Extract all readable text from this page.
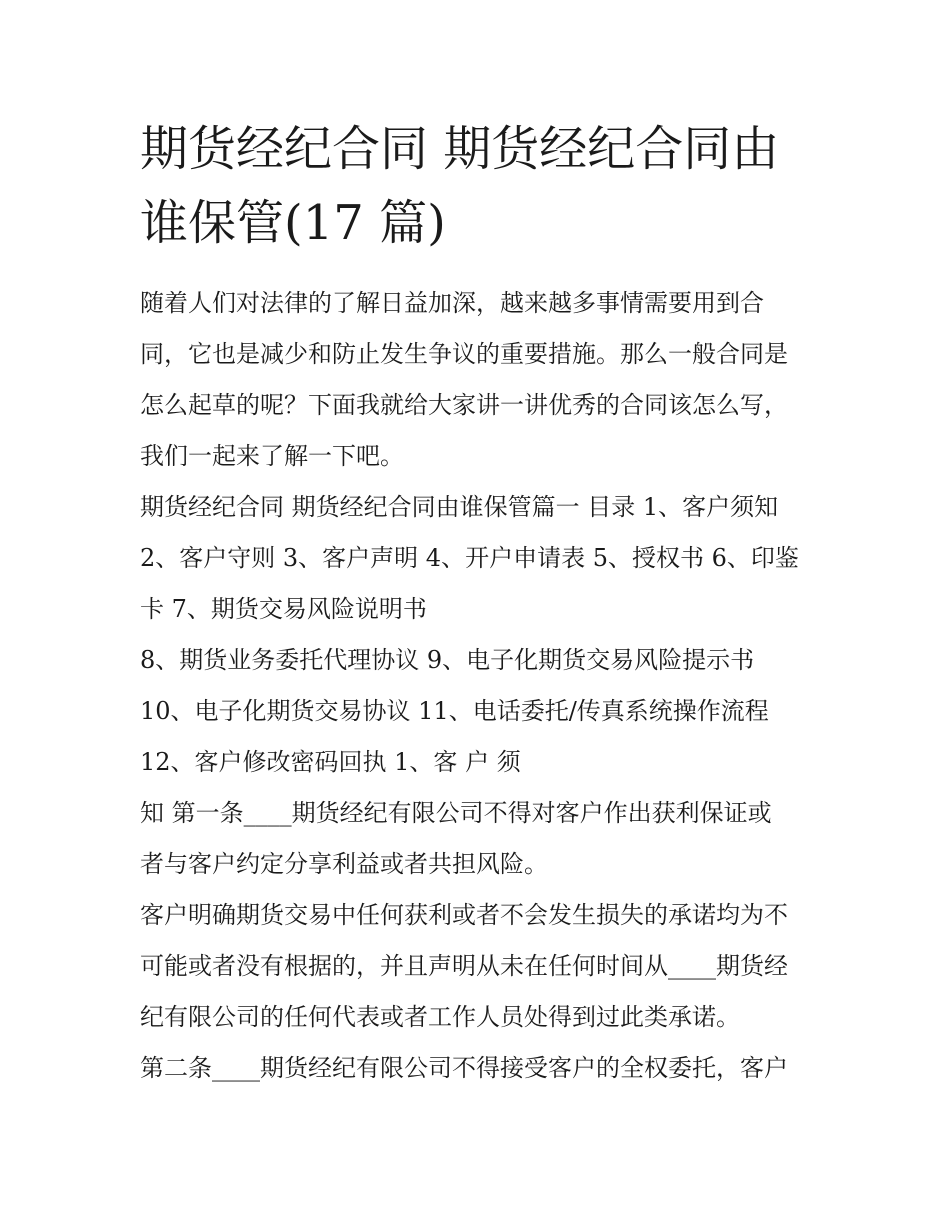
期货经纪合同 期货经纪合同由
谁保管(17 篇)
随着人们对法律的了解日益加深，越来越多事情需要用到合
同，它也是减少和防止发生争议的重要措施。那么一般合同是
怎么起草的呢？下面我就给大家讲一讲优秀的合同该怎么写，
我们一起来了解一下吧。
期货经纪合同 期货经纪合同由谁保管篇一 目录 1、客户须知
2、客户守则 3、客户声明 4、开户申请表 5、授权书 6、印鉴
卡 7、期货交易风险说明书
8、期货业务委托代理协议 9、电子化期货交易风险提示书
10、电子化期货交易协议 11、电话委托/传真系统操作流程
12、客户修改密码回执 1、客 户 须
知 第一条____期货经纪有限公司不得对客户作出获利保证或
者与客户约定分享利益或者共担风险。
客户明确期货交易中任何获利或者不会发生损失的承诺均为不
可能或者没有根据的，并且声明从未在任何时间从____期货经
纪有限公司的任何代表或者工作人员处得到过此类承诺。
第二条____期货经纪有限公司不得接受客户的全权委托，客户
